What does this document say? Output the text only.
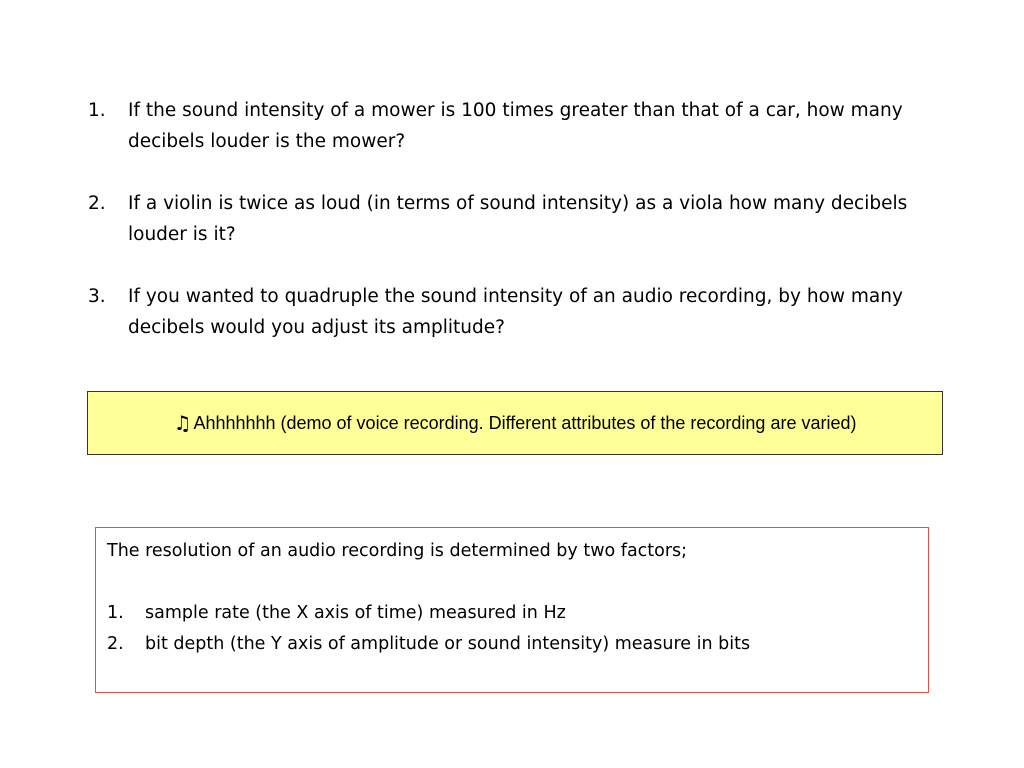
1. If the sound intensity of a mower is 100 times greater than that of a car, how many decibels louder is the mower?
2. If a violin is twice as loud (in terms of sound intensity) as a viola how many decibels louder is it?
3. If you wanted to quadruple the sound intensity of an audio recording, by how many decibels would you adjust its amplitude?
♫ Ahhhhhhh (demo of voice recording. Different attributes of the recording are varied)

The resolution of an audio recording is determined by two factors;

1. sample rate (the X axis of time) measured in Hz
2. bit depth (the Y axis of amplitude or sound intensity) measure in bits
